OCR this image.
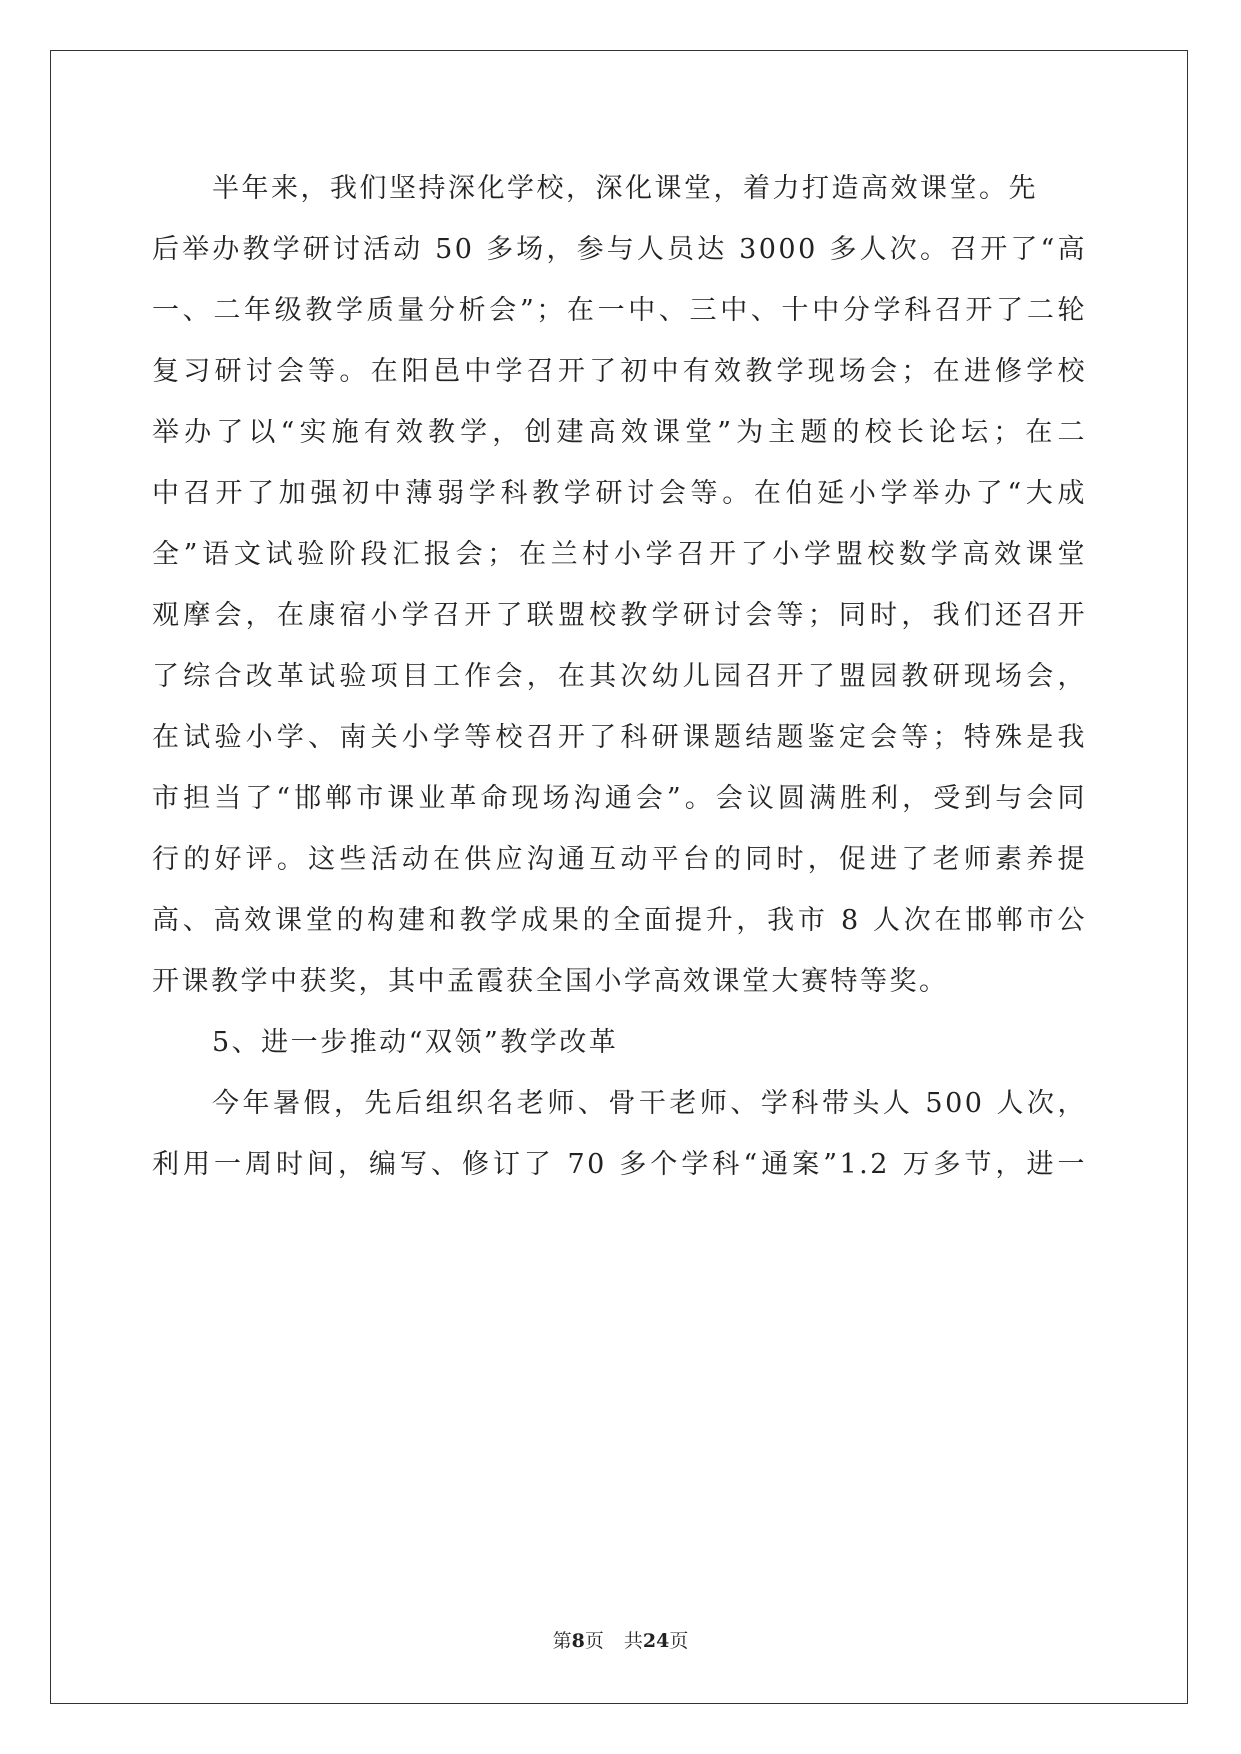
半年来，我们坚持深化学校，深化课堂，着力打造高效课堂。先
后举办教学研讨活动 50 多场，参与人员达 3000 多人次。召开了“高
一、二年级教学质量分析会”；在一中、三中、十中分学科召开了二轮
复习研讨会等。在阳邑中学召开了初中有效教学现场会；在进修学校
举办了以“实施有效教学，创建高效课堂”为主题的校长论坛；在二
中召开了加强初中薄弱学科教学研讨会等。在伯延小学举办了“大成
全”语文试验阶段汇报会；在兰村小学召开了小学盟校数学高效课堂
观摩会，在康宿小学召开了联盟校教学研讨会等；同时，我们还召开
了综合改革试验项目工作会，在其次幼儿园召开了盟园教研现场会，
在试验小学、南关小学等校召开了科研课题结题鉴定会等；特殊是我
市担当了“邯郸市课业革命现场沟通会”。会议圆满胜利，受到与会同
行的好评。这些活动在供应沟通互动平台的同时，促进了老师素养提
高、高效课堂的构建和教学成果的全面提升，我市 8 人次在邯郸市公
开课教学中获奖，其中孟霞获全国小学高效课堂大赛特等奖。
5、进一步推动“双领”教学改革
今年暑假，先后组织名老师、骨干老师、学科带头人 500 人次，
利用一周时间，编写、修订了 70 多个学科“通案”1.2 万多节，进一
第8页 共24页
